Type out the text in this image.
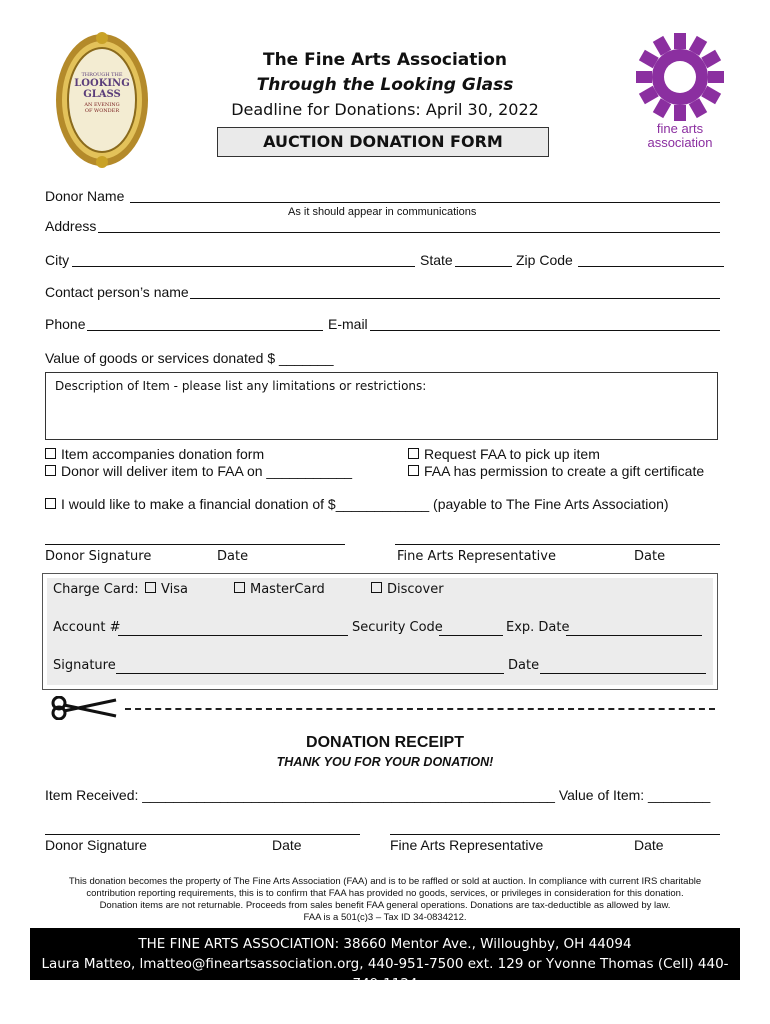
THROUGH THE
LOOKING
GLASS
AN EVENING
OF WONDER
fine arts
association
The Fine Arts Association
Through the Looking Glass
Deadline for Donations: April 30, 2022
AUCTION DONATION FORM
Donor Name
As it should appear in communications
Address
City	State	Zip Code
Contact person’s name
Phone	E-mail
Value of goods or services donated $ _______
Description of Item - please list any limitations or restrictions:
Item accompanies donation form
Donor will deliver item to FAA on ___________
Request FAA to pick up item
FAA has permission to create a gift certificate
I would like to make a financial donation of $____________ (payable to The Fine Arts Association)
Donor Signature	Date	Fine Arts Representative	Date
Charge Card:	Visa	MasterCard	Discover
Account #	Security Code	Exp. Date
Signature	Date
DONATION RECEIPT
THANK YOU FOR YOUR DONATION!
Item Received: _____________________________________________________ Value of Item: ________
Donor Signature	Date	Fine Arts Representative	Date
This donation becomes the property of The Fine Arts Association (FAA) and is to be raffled or sold at auction. In compliance with current IRS charitable
contribution reporting requirements, this is to confirm that FAA has provided no goods, services, or privileges in consideration for this donation.
Donation items are not returnable. Proceeds from sales benefit FAA general operations. Donations are tax-deductible as allowed by law.
FAA is a 501(c)3 – Tax ID 34-0834212.
THE FINE ARTS ASSOCIATION: 38660 Mentor Ave., Willoughby, OH 44094
Laura Matteo, lmatteo@fineartsassociation.org, 440-951-7500 ext. 129 or Yvonne Thomas (Cell) 440-749-1124
